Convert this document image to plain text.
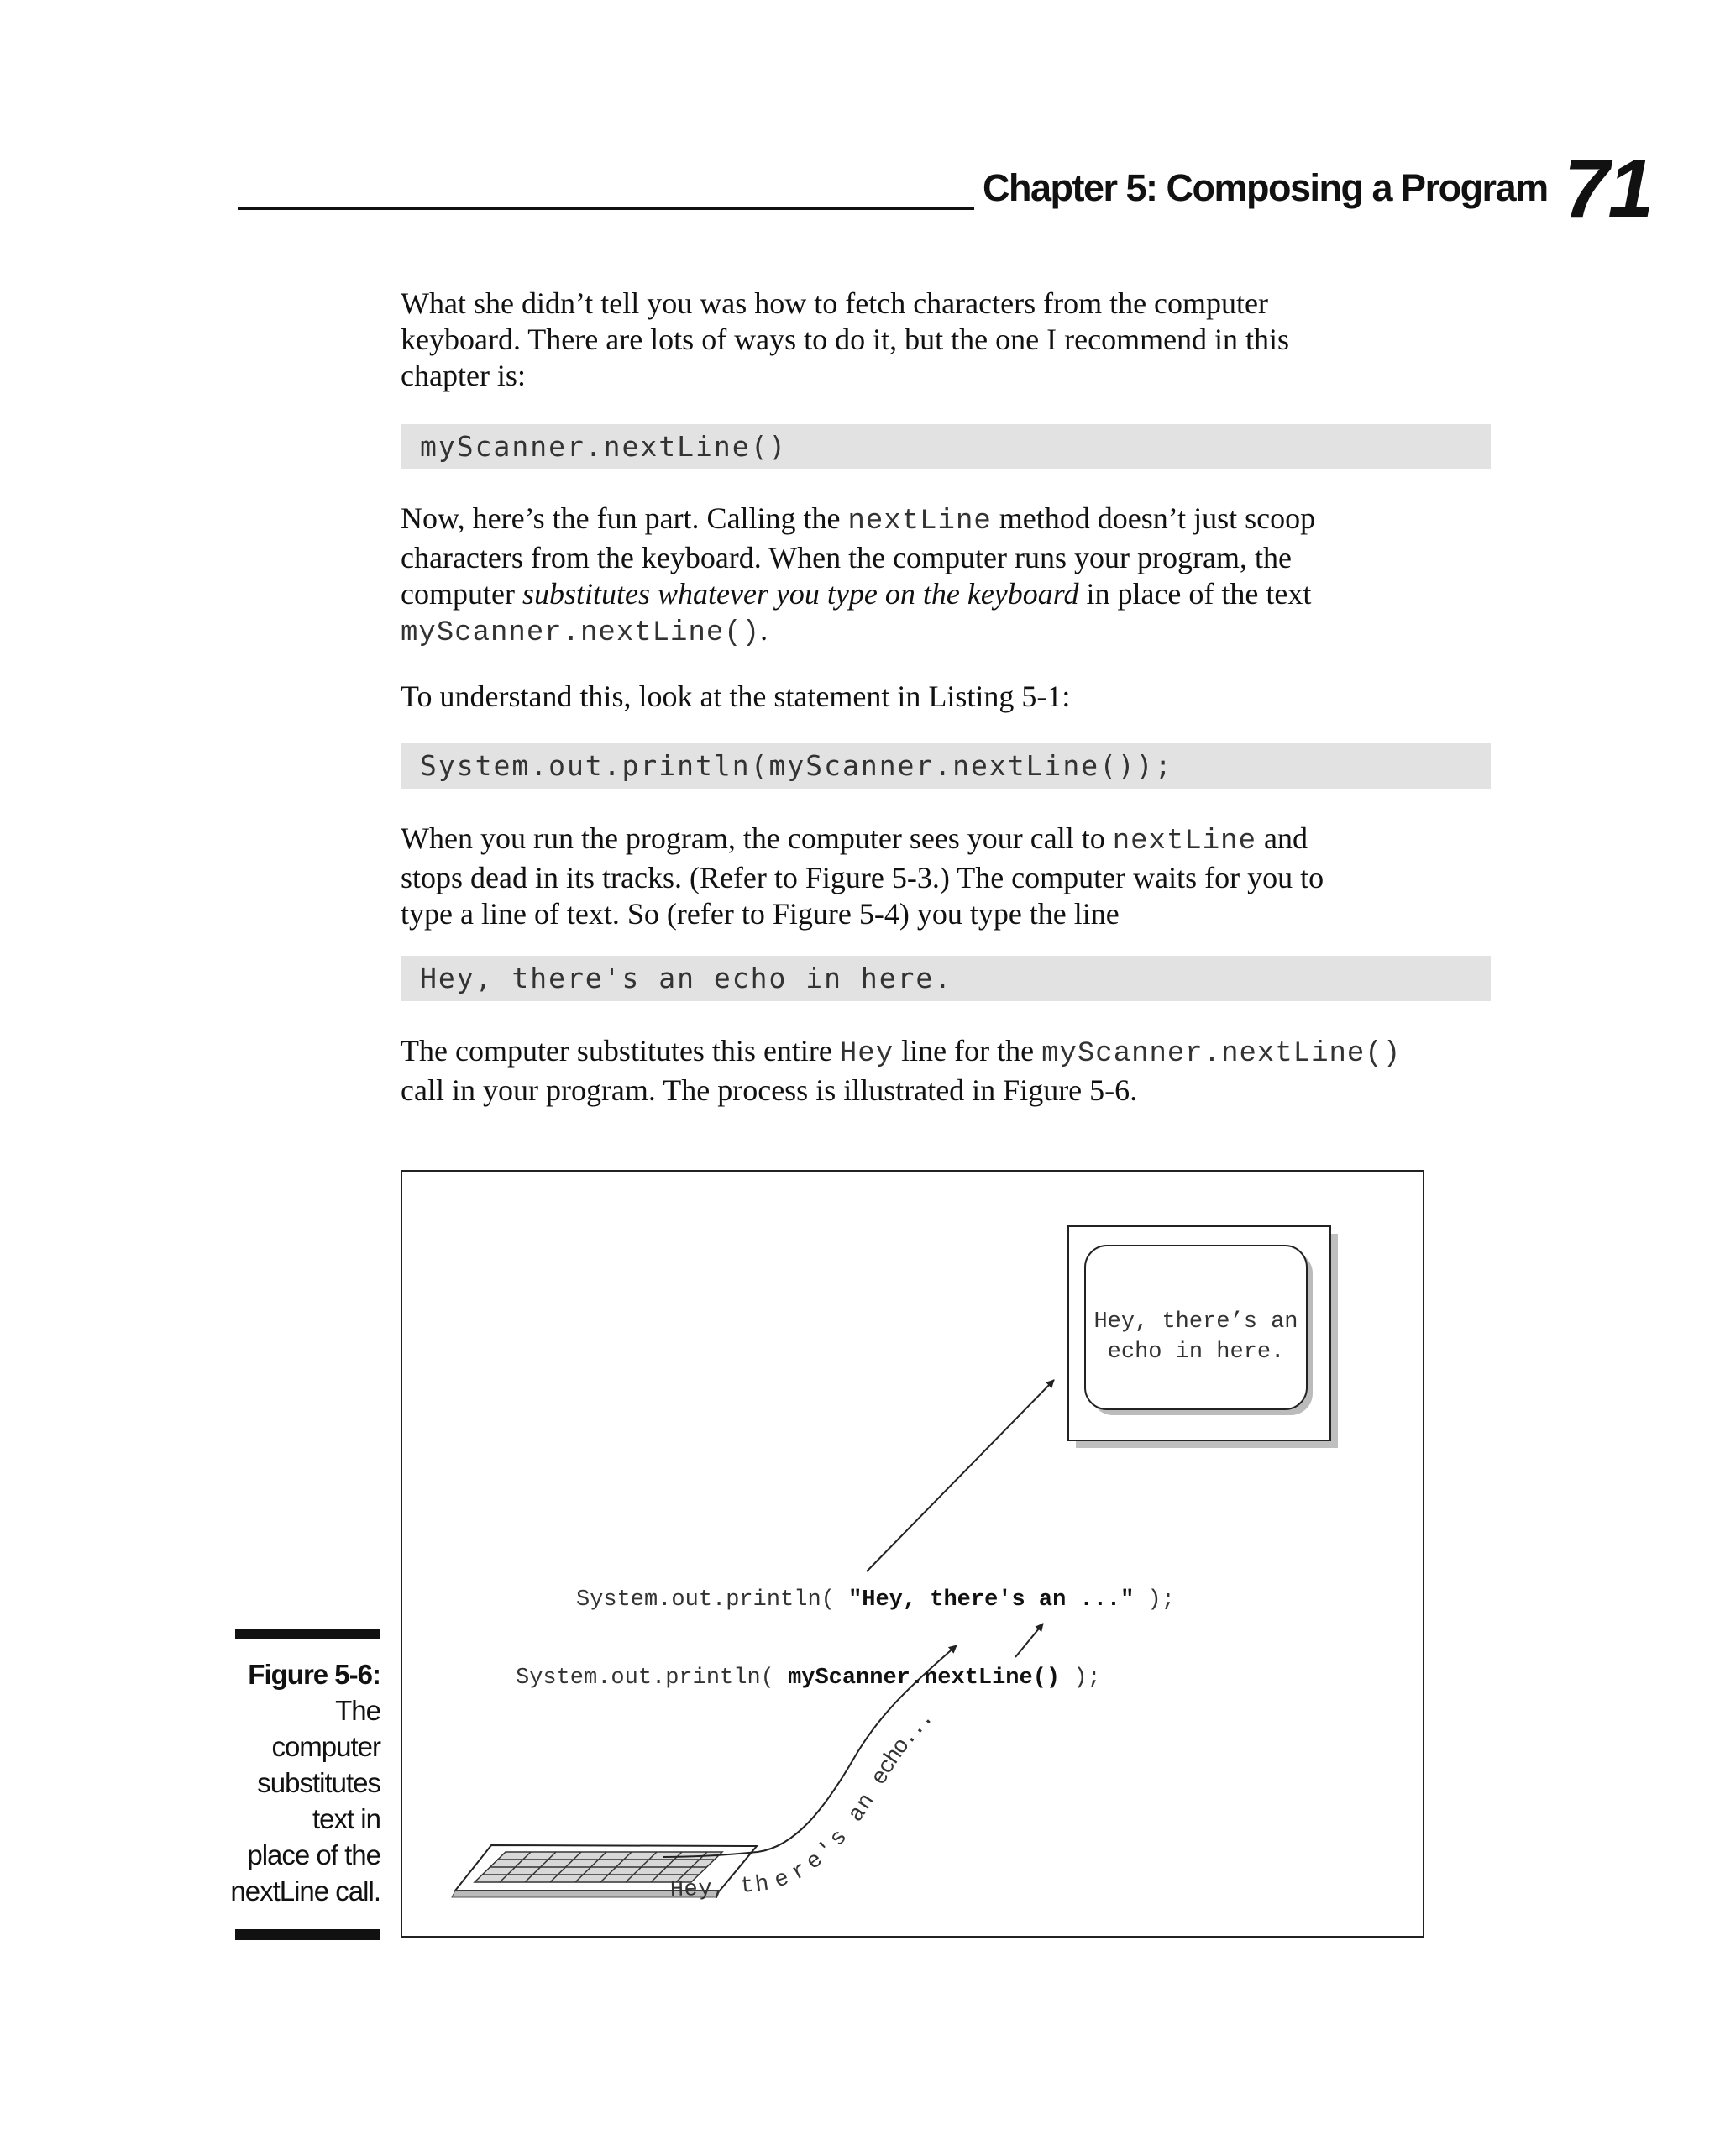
Chapter 5: Composing a Program 71
What she didn’t tell you was how to fetch characters from the computer
keyboard. There are lots of ways to do it, but the one I recommend in this
chapter is:
myScanner.nextLine()
Now, here’s the fun part. Calling the nextLine method doesn’t just scoop
characters from the keyboard. When the computer runs your program, the
computer substitutes whatever you type on the keyboard in place of the text
myScanner.nextLine().
To understand this, look at the statement in Listing 5-1:
System.out.println(myScanner.nextLine());
When you run the program, the computer sees your call to nextLine and
stops dead in its tracks. (Refer to Figure 5-3.) The computer waits for you to
type a line of text. So (refer to Figure 5-4) you type the line
Hey, there's an echo in here.
The computer substitutes this entire Hey line for the myScanner.nextLine()
call in your program. The process is illustrated in Figure 5-6.
Hey, there’s an
echo in here.
System.out.println( "Hey, there's an ..." );
System.out.println( myScanner.nextLine() );
Hey, there's an echo...
Figure 5-6:
The
computer
substitutes
text in
place of the
nextLine call.
